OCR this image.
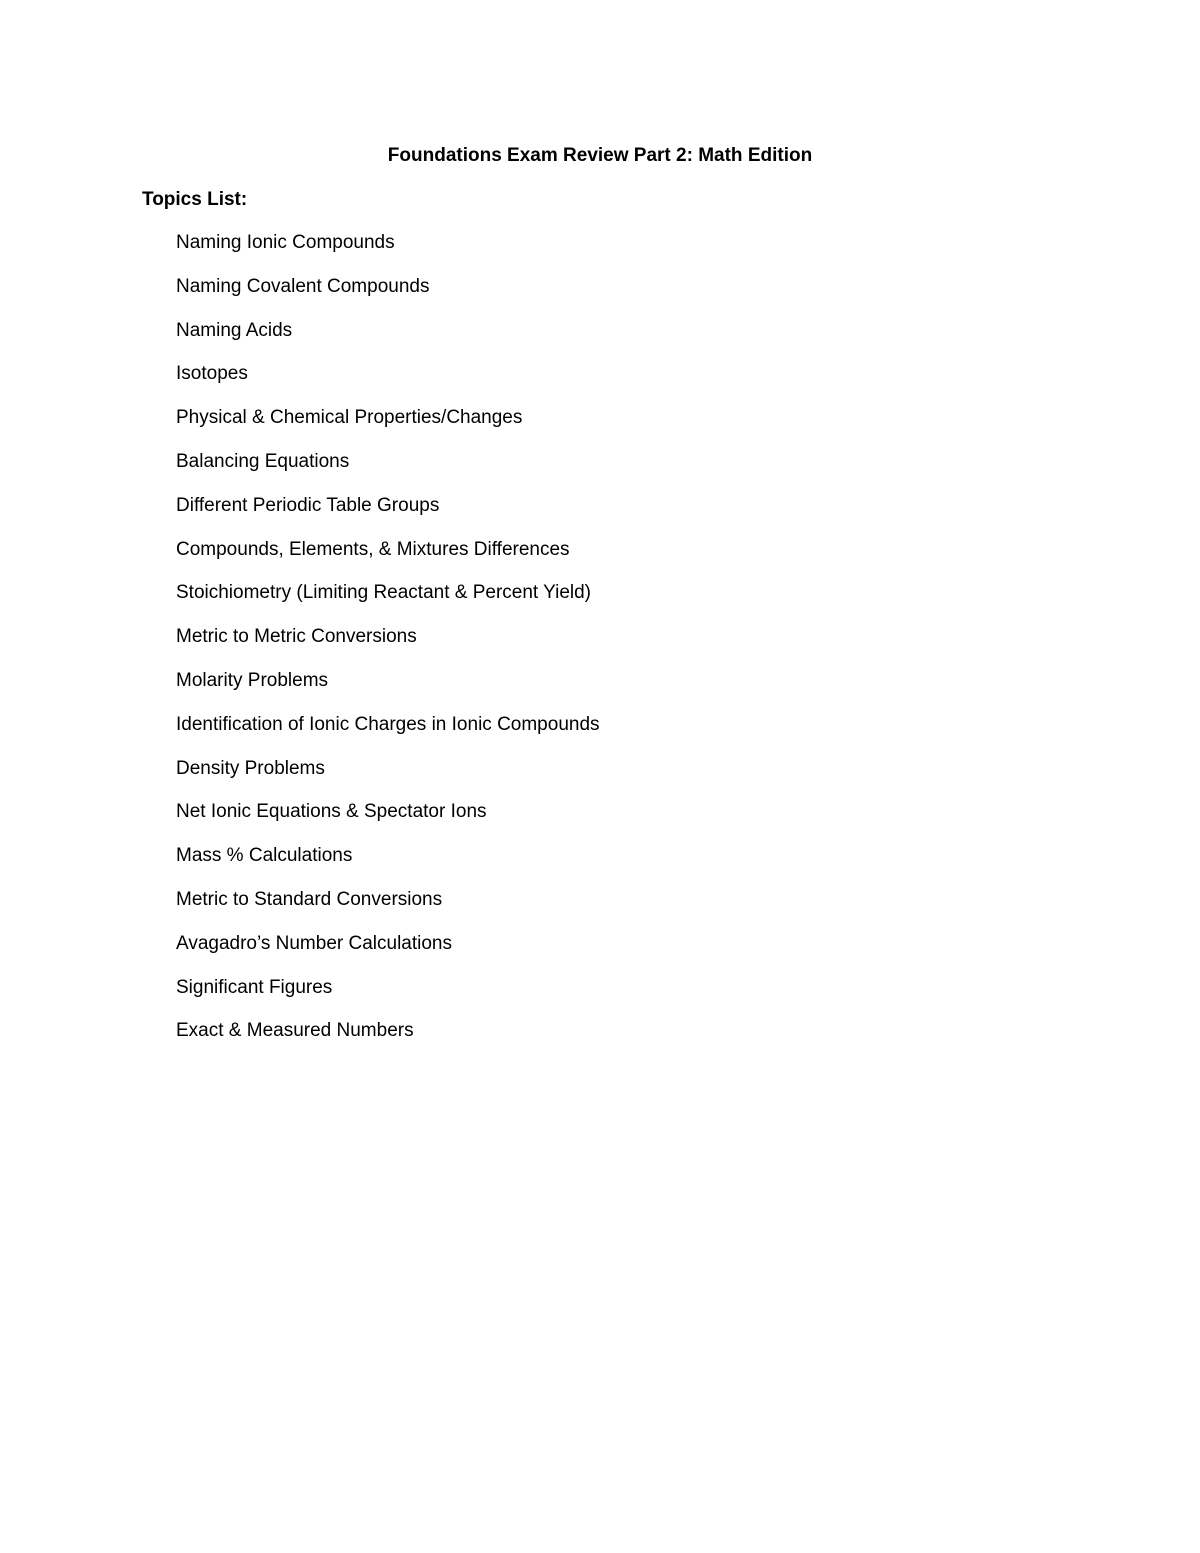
Foundations Exam Review Part 2: Math Edition
Topics List:
Naming Ionic Compounds
Naming Covalent Compounds
Naming Acids
Isotopes
Physical & Chemical Properties/Changes
Balancing Equations
Different Periodic Table Groups
Compounds, Elements, & Mixtures Differences
Stoichiometry (Limiting Reactant & Percent Yield)
Metric to Metric Conversions
Molarity Problems
Identification of Ionic Charges in Ionic Compounds
Density Problems
Net Ionic Equations & Spectator Ions
Mass % Calculations
Metric to Standard Conversions
Avagadro’s Number Calculations
Significant Figures
Exact & Measured Numbers
